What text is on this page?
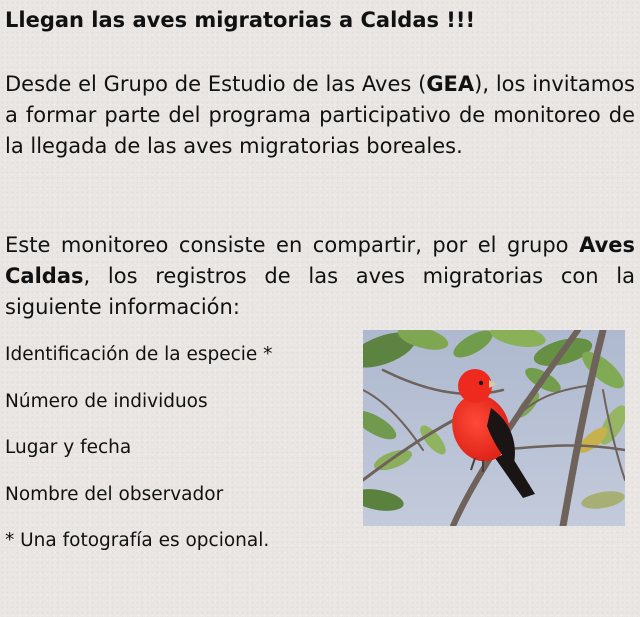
Llegan las aves migratorias a Caldas !!!

Desde el Grupo de Estudio de las Aves (GEA), los invitamos a formar parte del programa participativo de monitoreo de la llegada de las aves migratorias boreales.

Este monitoreo consiste en compartir, por el grupo Aves Caldas, los registros de las aves migratorias con la siguiente información:

Identificación de la especie *
Número de individuos
Lugar y fecha
Nombre del observador
* Una fotografía es opcional.
